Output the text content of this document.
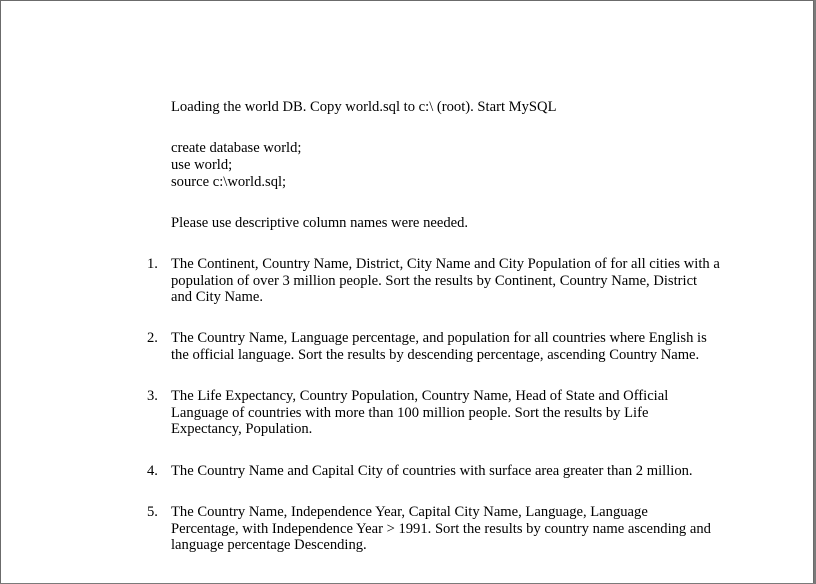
Loading the world DB. Copy world.sql to c:\ (root). Start MySQL
create database world;
use world;
source c:\world.sql;
Please use descriptive column names were needed.
1. The Continent, Country Name, District, City Name and City Population of for all cities with a
population of over 3 million people. Sort the results by Continent, Country Name, District
and City Name.
2. The Country Name, Language percentage, and population for all countries where English is
the official language. Sort the results by descending percentage, ascending Country Name.
3. The Life Expectancy, Country Population, Country Name, Head of State and Official
Language of countries with more than 100 million people. Sort the results by Life
Expectancy, Population.
4. The Country Name and Capital City of countries with surface area greater than 2 million.
5. The Country Name, Independence Year, Capital City Name, Language, Language
Percentage, with Independence Year > 1991. Sort the results by country name ascending and
language percentage Descending.
